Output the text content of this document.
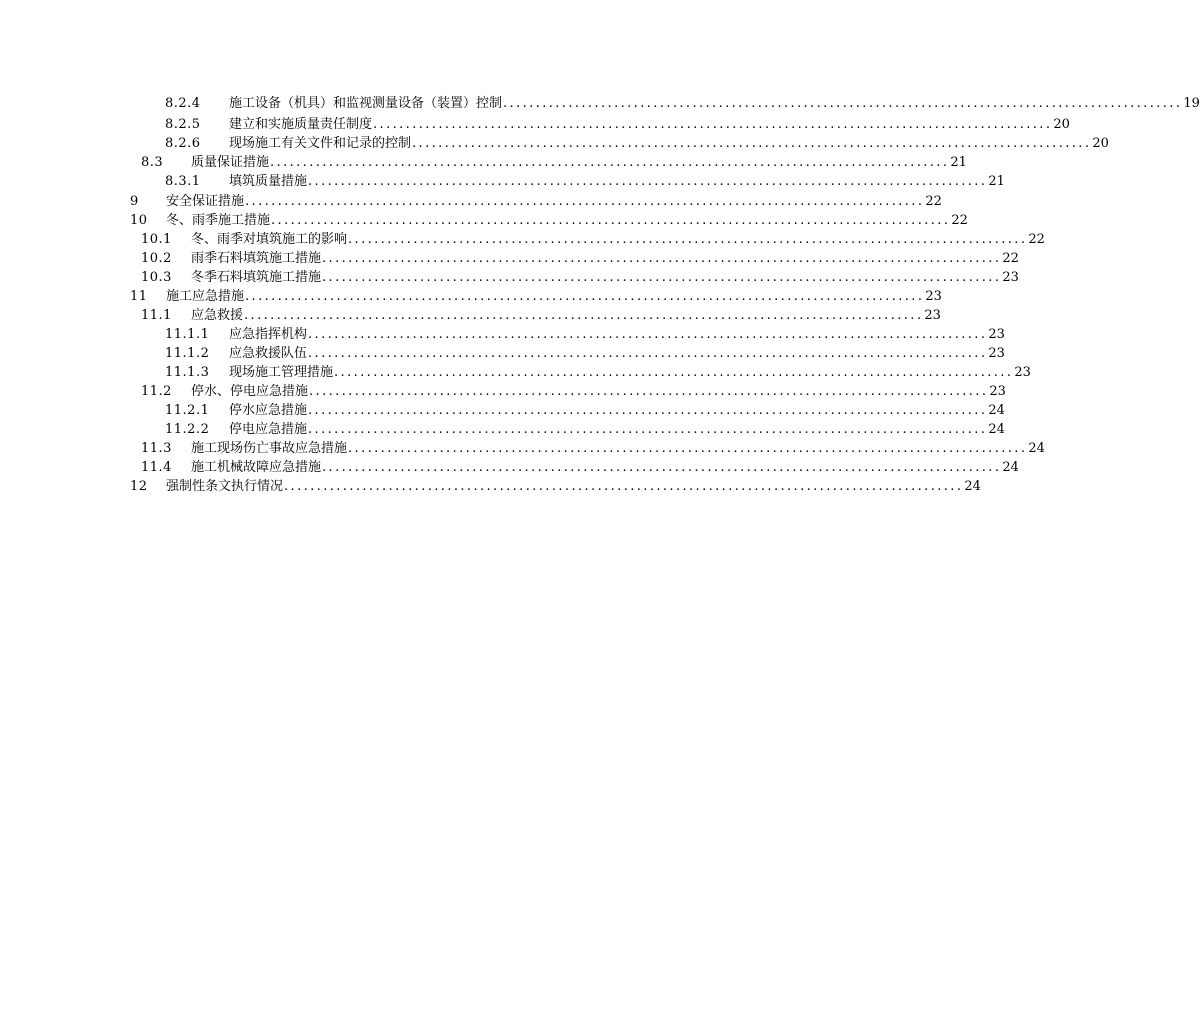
8.2.4	施工设备（机具）和监视测量设备（装置）控制 ........................................................................................................ 19
8.2.5	建立和实施质量责任制度 ........................................................................................................ 20
8.2.6	现场施工有关文件和记录的控制 ........................................................................................................ 20
8.3	质量保证措施 ........................................................................................................ 21
8.3.1	填筑质量措施 ........................................................................................................ 21
9	安全保证措施 ........................................................................................................ 22
10	冬、雨季施工措施 ........................................................................................................ 22
10.1	冬、雨季对填筑施工的影响 ........................................................................................................ 22
10.2	雨季石料填筑施工措施 ........................................................................................................ 22
10.3	冬季石料填筑施工措施 ........................................................................................................ 23
11	施工应急措施 ........................................................................................................ 23
11.1	应急救援 ........................................................................................................ 23
11.1.1	应急指挥机构 ........................................................................................................ 23
11.1.2	应急救援队伍 ........................................................................................................ 23
11.1.3	现场施工管理措施 ........................................................................................................ 23
11.2	停水、停电应急措施 ........................................................................................................ 23
11.2.1	停水应急措施 ........................................................................................................ 24
11.2.2	停电应急措施 ........................................................................................................ 24
11.3	施工现场伤亡事故应急措施 ........................................................................................................ 24
11.4	施工机械故障应急措施 ........................................................................................................ 24
12	强制性条文执行情况 ........................................................................................................ 24
